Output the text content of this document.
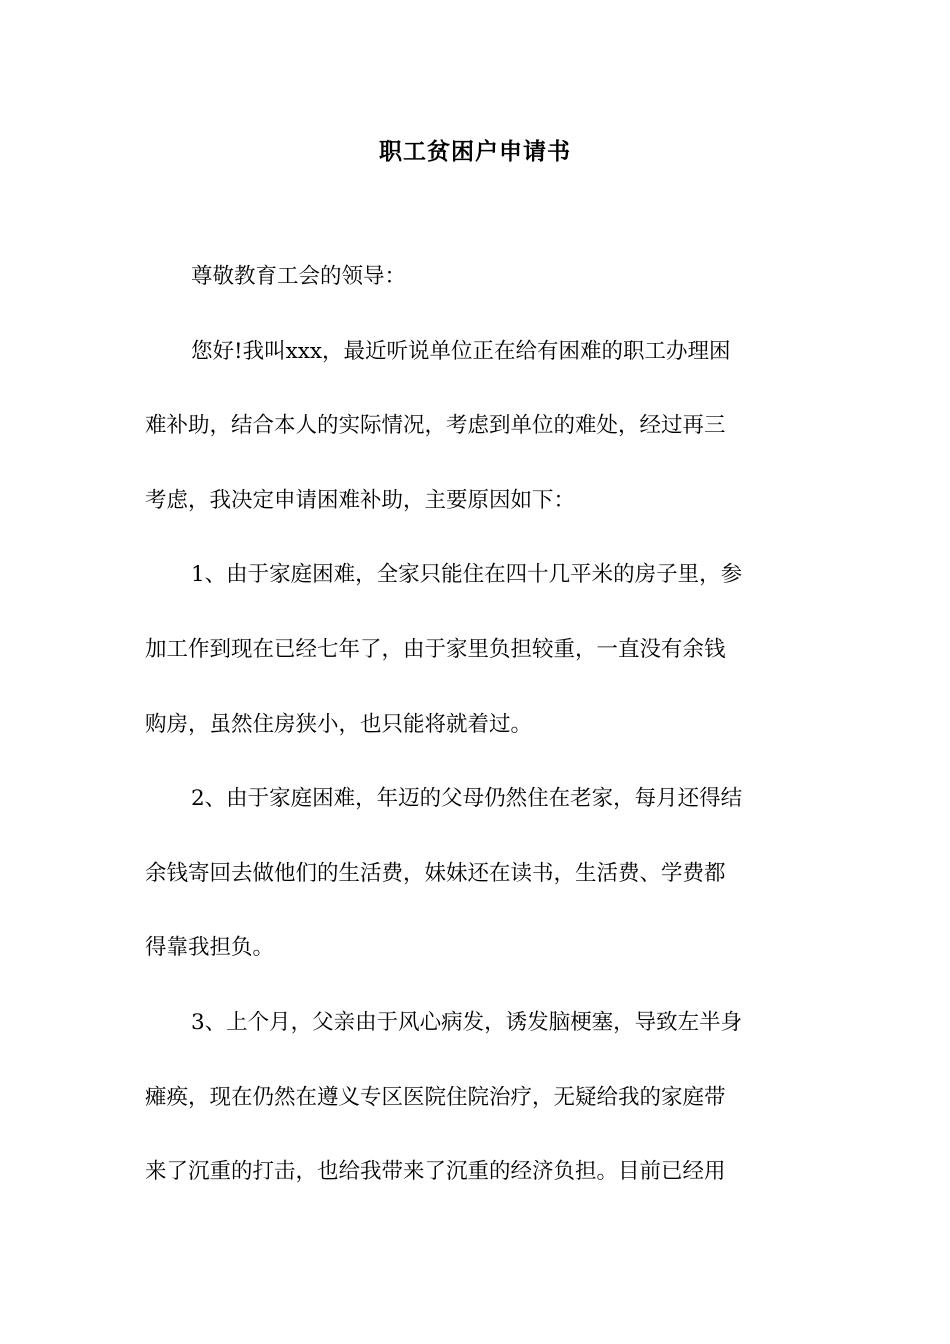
职工贫困户申请书
尊敬教育工会的领导：
您好!我叫xxx，最近听说单位正在给有困难的职工办理困
难补助，结合本人的实际情况，考虑到单位的难处，经过再三
考虑，我决定申请困难补助，主要原因如下：
1、由于家庭困难，全家只能住在四十几平米的房子里，参
加工作到现在已经七年了，由于家里负担较重，一直没有余钱
购房，虽然住房狭小，也只能将就着过。
2、由于家庭困难，年迈的父母仍然住在老家，每月还得结
余钱寄回去做他们的生活费，妹妹还在读书，生活费、学费都
得靠我担负。
3、上个月，父亲由于风心病发，诱发脑梗塞，导致左半身
瘫痪，现在仍然在遵义专区医院住院治疗，无疑给我的家庭带
来了沉重的打击，也给我带来了沉重的经济负担。目前已经用
